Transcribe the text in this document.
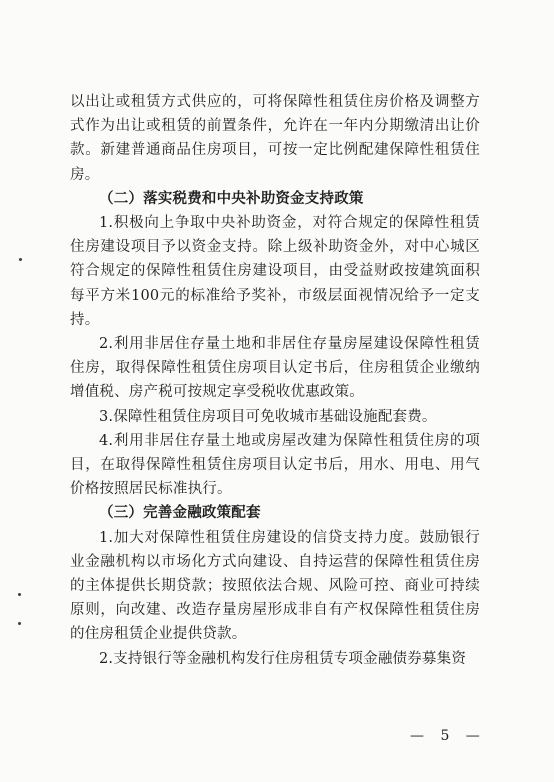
以出让或租赁方式供应的，可将保障性租赁住房价格及调整方式作为出让或租赁的前置条件，允许在一年内分期缴清出让价款。新建普通商品住房项目，可按一定比例配建保障性租赁住房。

（二）落实税费和中央补助资金支持政策

1.积极向上争取中央补助资金，对符合规定的保障性租赁住房建设项目予以资金支持。除上级补助资金外，对中心城区符合规定的保障性租赁住房建设项目，由受益财政按建筑面积每平方米100元的标准给予奖补，市级层面视情况给予一定支持。

2.利用非居住存量土地和非居住存量房屋建设保障性租赁住房，取得保障性租赁住房项目认定书后，住房租赁企业缴纳增值税、房产税可按规定享受税收优惠政策。

3.保障性租赁住房项目可免收城市基础设施配套费。

4.利用非居住存量土地或房屋改建为保障性租赁住房的项目，在取得保障性租赁住房项目认定书后，用水、用电、用气价格按照居民标准执行。

（三）完善金融政策配套

1.加大对保障性租赁住房建设的信贷支持力度。鼓励银行业金融机构以市场化方式向建设、自持运营的保障性租赁住房的主体提供长期贷款；按照依法合规、风险可控、商业可持续原则，向改建、改造存量房屋形成非自有产权保障性租赁住房的住房租赁企业提供贷款。

2.支持银行等金融机构发行住房租赁专项金融债券募集资

— 5 —
